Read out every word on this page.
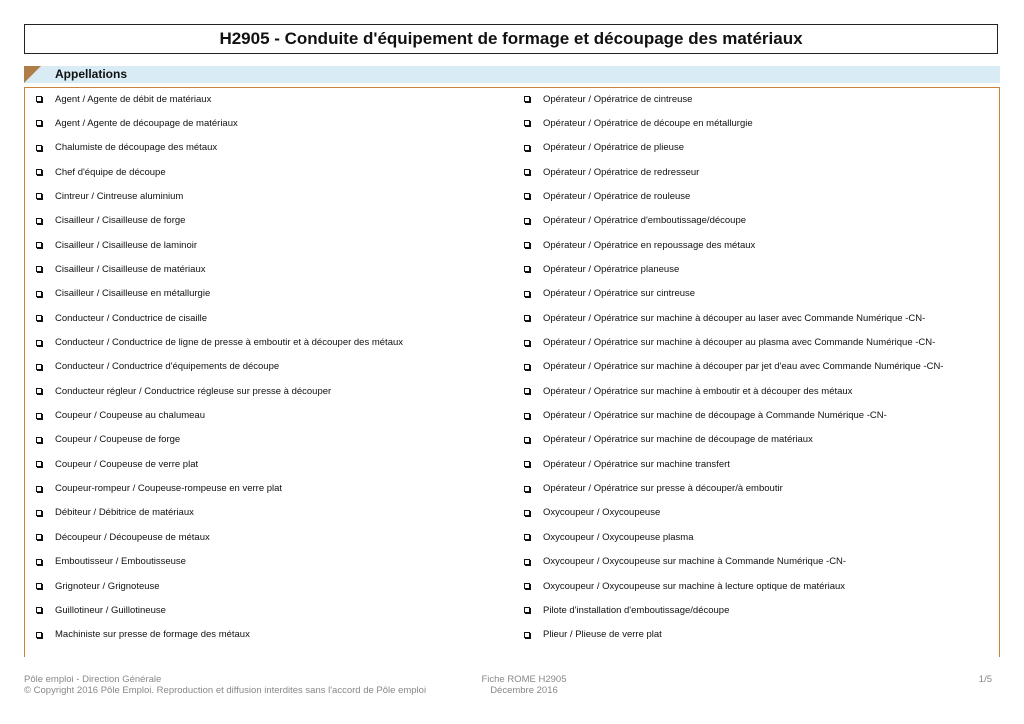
H2905 - Conduite d'équipement de formage et découpage des matériaux
Appellations
Agent / Agente de débit de matériaux
Agent / Agente de découpage de matériaux
Chalumiste de découpage des métaux
Chef d'équipe de découpe
Cintreur / Cintreuse aluminium
Cisailleur / Cisailleuse de forge
Cisailleur / Cisailleuse de laminoir
Cisailleur / Cisailleuse de matériaux
Cisailleur / Cisailleuse en métallurgie
Conducteur / Conductrice de cisaille
Conducteur / Conductrice de ligne de presse à emboutir et à découper des métaux
Conducteur / Conductrice d'équipements de découpe
Conducteur régleur / Conductrice régleuse sur presse à découper
Coupeur / Coupeuse au chalumeau
Coupeur / Coupeuse de forge
Coupeur / Coupeuse de verre plat
Coupeur-rompeur / Coupeuse-rompeuse en verre plat
Débiteur / Débitrice de matériaux
Découpeur / Découpeuse de métaux
Emboutisseur / Emboutisseuse
Grignoteur / Grignoteuse
Guillotineur / Guillotineuse
Machiniste sur presse de formage des métaux
Opérateur / Opératrice de cintreuse
Opérateur / Opératrice de découpe en métallurgie
Opérateur / Opératrice de plieuse
Opérateur / Opératrice de redresseur
Opérateur / Opératrice de rouleuse
Opérateur / Opératrice d'emboutissage/découpe
Opérateur / Opératrice en repoussage des métaux
Opérateur / Opératrice planeuse
Opérateur / Opératrice sur cintreuse
Opérateur / Opératrice sur machine à découper au laser avec Commande Numérique -CN-
Opérateur / Opératrice sur machine à découper au plasma avec Commande Numérique -CN-
Opérateur / Opératrice sur machine à découper par jet d'eau avec Commande Numérique -CN-
Opérateur / Opératrice sur machine à emboutir et à découper des métaux
Opérateur / Opératrice sur machine de découpage à Commande Numérique -CN-
Opérateur / Opératrice sur machine de découpage de matériaux
Opérateur / Opératrice sur machine transfert
Opérateur / Opératrice sur presse à découper/à emboutir
Oxycoupeur / Oxycoupeuse
Oxycoupeur / Oxycoupeuse plasma
Oxycoupeur / Oxycoupeuse sur machine à Commande Numérique -CN-
Oxycoupeur / Oxycoupeuse sur machine à lecture optique de matériaux
Pilote d'installation d'emboutissage/découpe
Plieur / Plieuse de verre plat
Pôle emploi - Direction Générale
© Copyright 2016 Pôle Emploi. Reproduction et diffusion interdites sans l'accord de Pôle emploi
Fiche ROME H2905
Décembre 2016
1/5
